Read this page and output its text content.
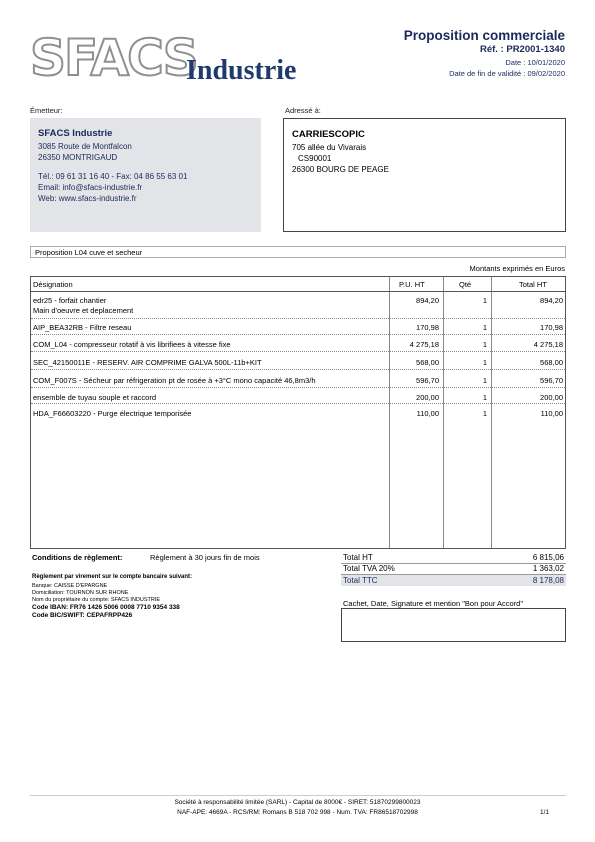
SFACS
Industrie
Proposition commerciale
Réf. : PR2001-1340
Date : 10/01/2020
Date de fin de validité : 09/02/2020
Émetteur:
SFACS Industrie
3085 Route de Montfalcon
26350 MONTRIGAUD
Tél.: 09 61 31 16 40 - Fax: 04 86 55 63 01
Email: info@sfacs-industrie.fr
Web: www.sfacs-industrie.fr
Adressé à:
CARRIESCOPIC
705 allée du Vivarais
CS90001
26300 BOURG DE PEAGE
Proposition L04 cuve et secheur
Montants exprimés en Euros
Désignation	P.U. HT	Qté	Total HT
edr25 - forfait chantier
Main d'oeuvre et deplacement
894,20	1	894,20
AIP_BEA32RB - Filtre reseau	170,98	1	170,98
COM_L04 - compresseur rotatif à vis librifiees à vitesse fixe	4 275,18	1	4 275,18
SEC_42150011E - RESERV. AIR COMPRIME GALVA 500L-11b+KIT	568,00	1	568,00
COM_F007S - Sécheur par réfrigeration pt de rosée à +3°C mono capacité 46,8m3/h	596,70	1	596,70
ensemble de tuyau souple et raccord	200,00	1	200,00
HDA_F66603220 - Purge électrique temporisée	110,00	1	110,00
Conditions de règlement:	Règlement à 30 jours fin de mois
Règlement par virement sur le compte bancaire suivant:
Banque: CAISSE D'EPARGNE
Domiciliation: TOURNON SUR RHONE
Nom du propriétaire du compte: SFACS INDUSTRIE
Code IBAN: FR76 1426 5006 0008 7710 9354 338
Code BIC/SWIFT: CEPAFRPP426
Total HT	6 815,06
Total TVA 20%	1 363,02
Total TTC	8 178,08
Cachet, Date, Signature et mention "Bon pour Accord"
Société à responsabilité limitée (SARL) - Capital de 8000€ - SIRET: 51870299800023
NAF-APE: 4669A - RCS/RM: Romans B 518 702 998 - Num. TVA: FR86518702998	1/1
